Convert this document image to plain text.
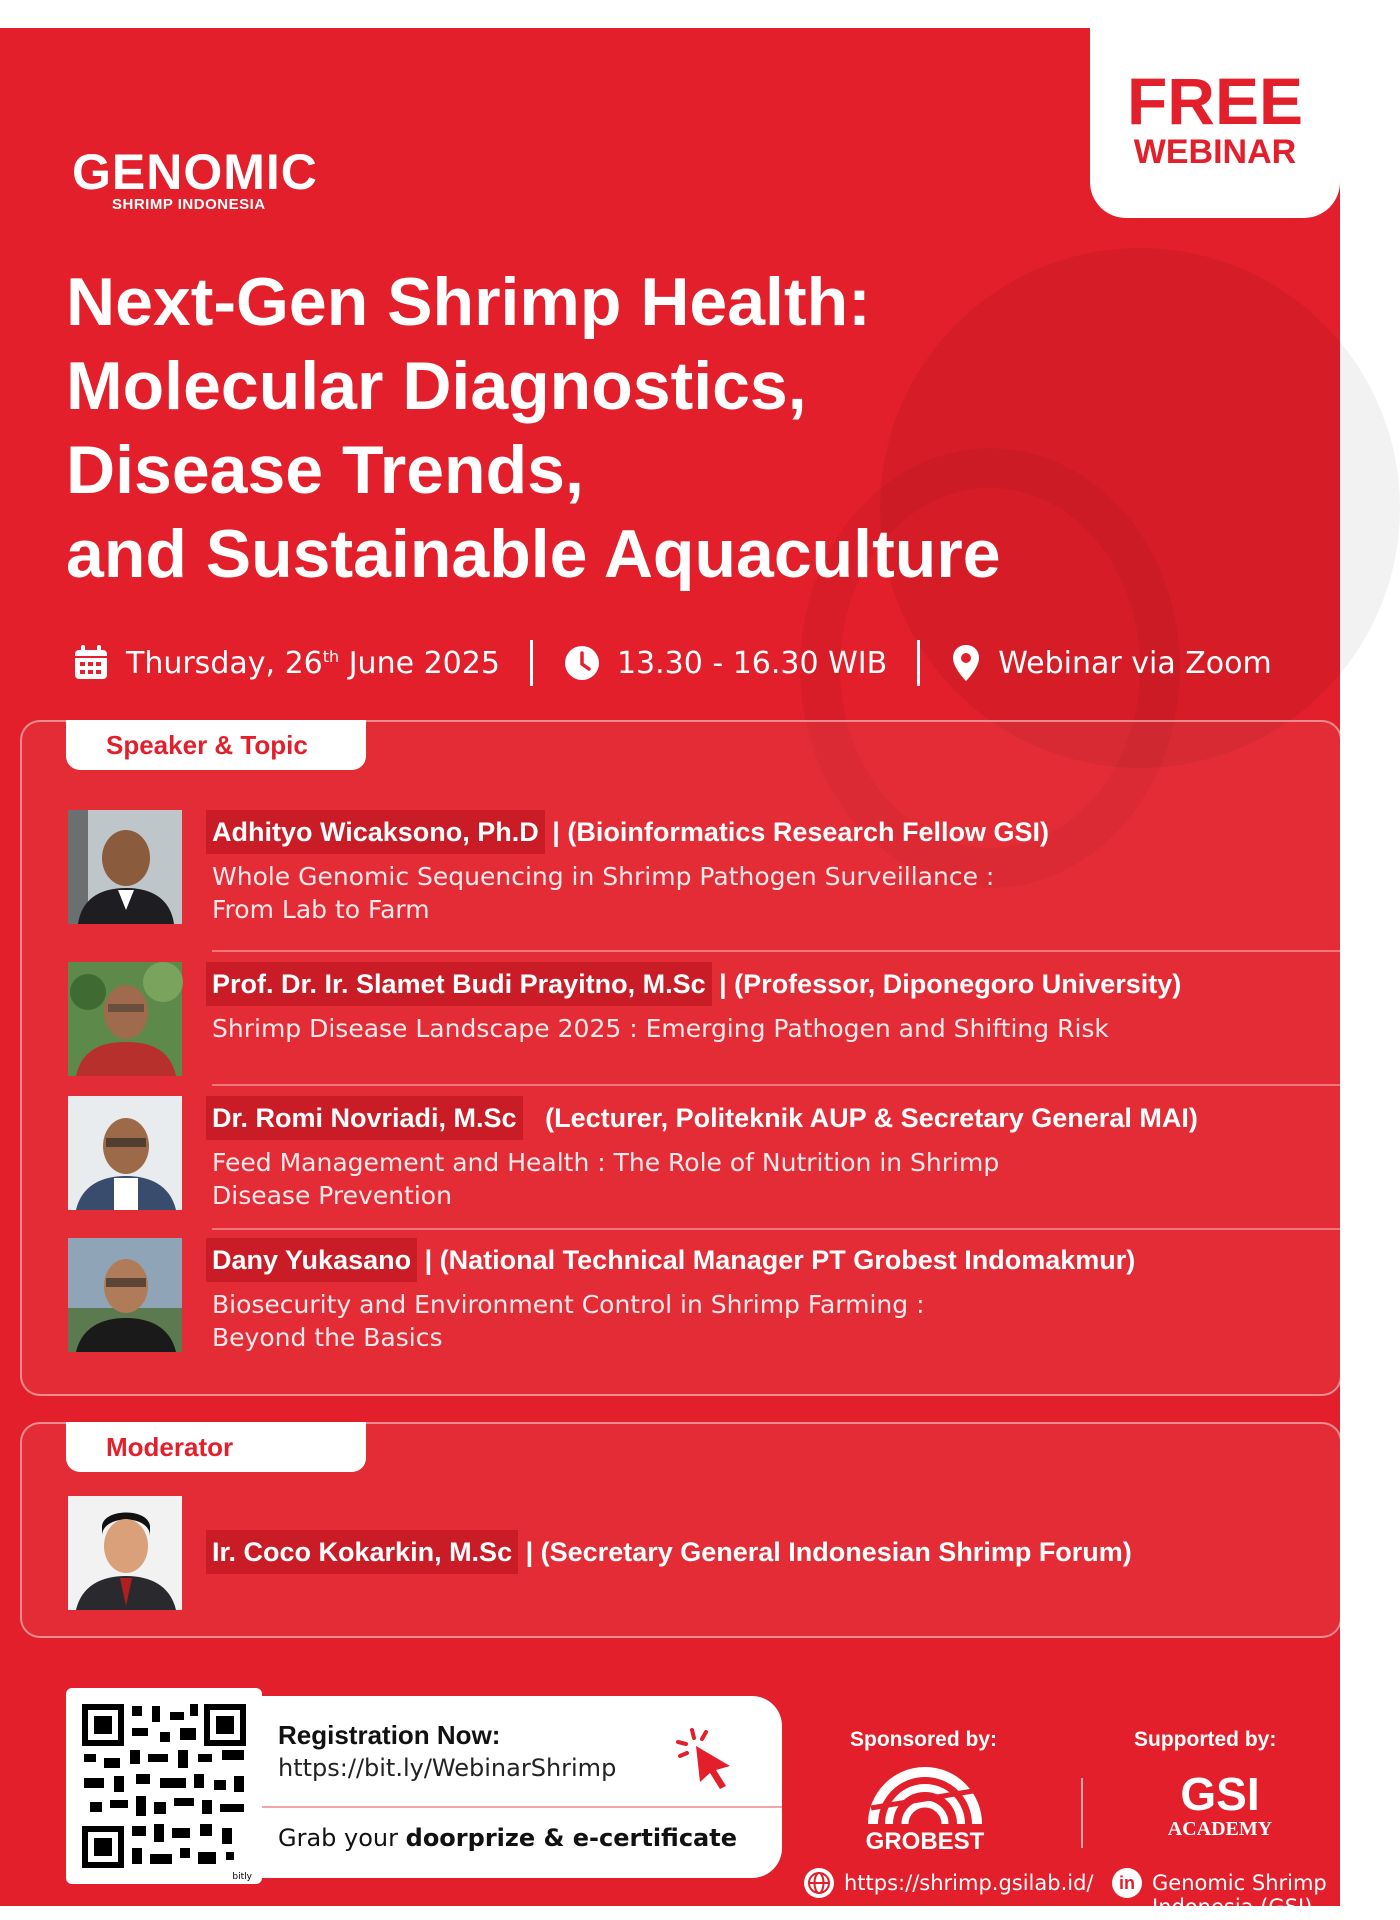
GENOMIC
SHRIMP INDONESIA
FREE
WEBINAR
Next-Gen Shrimp Health:
Molecular Diagnostics,
Disease Trends,
and Sustainable Aquaculture
Thursday, 26th June 2025	13.30 - 16.30 WIB	Webinar via Zoom
Speaker & Topic
Adhityo Wicaksono, Ph.D | (Bioinformatics Research Fellow GSI)
Whole Genomic Sequencing in Shrimp Pathogen Surveillance :
From Lab to Farm
Prof. Dr. Ir. Slamet Budi Prayitno, M.Sc | (Professor, Diponegoro University)
Shrimp Disease Landscape 2025 : Emerging Pathogen and Shifting Risk
Dr. Romi Novriadi, M.Sc   (Lecturer, Politeknik AUP & Secretary General MAI)
Feed Management and Health : The Role of Nutrition in Shrimp
Disease Prevention
Dany Yukasano | (National Technical Manager PT Grobest Indomakmur)
Biosecurity and Environment Control in Shrimp Farming :
Beyond the Basics
Moderator
Ir. Coco Kokarkin, M.Sc | (Secretary General Indonesian Shrimp Forum)
bitly
Registration Now:
https://bit.ly/WebinarShrimp
Grab your doorprize & e-certificate
Sponsored by:
GROBEST
Supported by:
GSI
ACADEMY
https://shrimp.gsilab.id/	in Genomic Shrimp
Indonesia (GSI)
